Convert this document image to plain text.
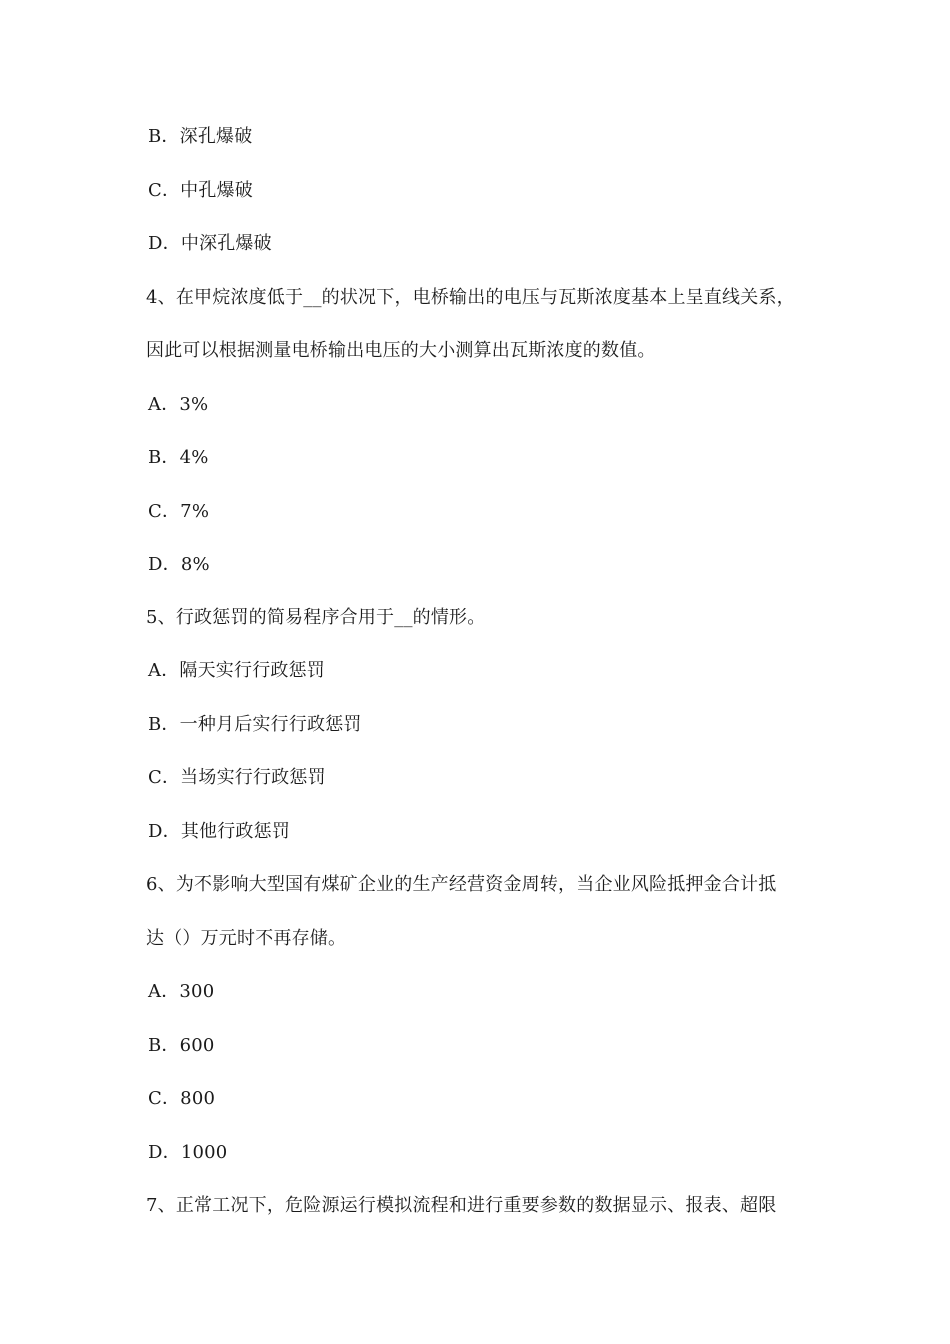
B．深孔爆破
C．中孔爆破
D．中深孔爆破
4、在甲烷浓度低于__的状况下，电桥输出的电压与瓦斯浓度基本上呈直线关系，
因此可以根据测量电桥输出电压的大小测算出瓦斯浓度的数值。
A．3%
B．4%
C．7%
D．8%
5、行政惩罚的简易程序合用于__的情形。
A．隔天实行行政惩罚
B．一种月后实行行政惩罚
C．当场实行行政惩罚
D．其他行政惩罚
6、为不影响大型国有煤矿企业的生产经营资金周转，当企业风险抵押金合计抵
达（）万元时不再存储。
A．300
B．600
C．800
D．1000
7、正常工况下，危险源运行模拟流程和进行重要参数的数据显示、报表、超限
